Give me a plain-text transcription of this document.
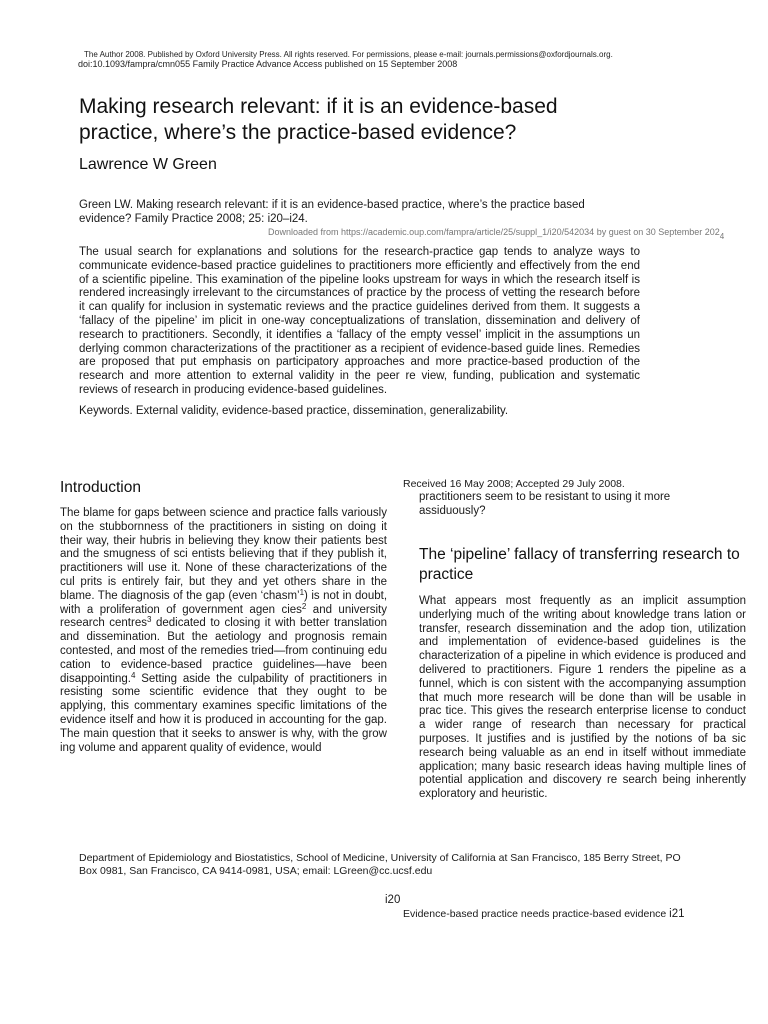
The Author 2008. Published by Oxford University Press. All rights reserved. For permissions, please e-mail: journals.permissions@oxfordjournals.org.
doi:10.1093/fampra/cmn055 Family Practice Advance Access published on 15 September 2008
Making research relevant: if it is an evidence-based practice, where’s the practice-based evidence?
Lawrence W Green
Green LW. Making research relevant: if it is an evidence-based practice, where’s the practice based evidence? Family Practice 2008; 25: i20–i24.
Downloaded from https://academic.oup.com/fampra/article/25/suppl_1/i20/542034 by guest on 30 September $202_4$

The usual search for explanations and solutions for the research-practice gap tends to analyze ways to communicate evidence-based practice guidelines to practitioners more efficiently and effectively from the end of a scientific pipeline. This examination of the pipeline looks upstream for ways in which the research itself is rendered increasingly irrelevant to the circumstances of practice by the process of vetting the research before it can qualify for inclusion in systematic reviews and the practice guidelines derived from them. It suggests a ‘fallacy of the pipeline’ im plicit in one-way conceptualizations of translation, dissemination and delivery of research to practitioners. Secondly, it identifies a ‘fallacy of the empty vessel’ implicit in the assumptions un derlying common characterizations of the practitioner as a recipient of evidence-based guide lines. Remedies are proposed that put emphasis on participatory approaches and more practice-based production of the research and more attention to external validity in the peer re view, funding, publication and systematic reviews of research in producing evidence-based guidelines.

Keywords. External validity, evidence-based practice, dissemination, generalizability.
Introduction

The blame for gaps between science and practice falls variously on the stubbornness of the practitioners in sisting on doing it their way, their hubris in believing they know their patients best and the smugness of sci entists believing that if they publish it, practitioners will use it. None of these characterizations of the cul prits is entirely fair, but they and yet others share in the blame. The diagnosis of the gap (even ‘chasm’$^1$) is not in doubt, with a proliferation of government agen cies$^2$ and university research centres$^3$ dedicated to closing it with better translation and dissemination. But the aetiology and prognosis remain contested, and most of the remedies tried—from continuing edu cation to evidence-based practice guidelines—have been disappointing.$^4$ Setting aside the culpability of practitioners in resisting some scientific evidence that they ought to be applying, this commentary examines specific limitations of the evidence itself and how it is produced in accounting for the gap. The main question that it seeks to answer is why, with the grow ing volume and apparent quality of evidence, would

Received 16 May 2008; Accepted 29 July 2008.

practitioners seem to be resistant to using it more assiduously?

The ‘pipeline’ fallacy of transferring research to practice

What appears most frequently as an implicit assumption underlying much of the writing about knowledge trans lation or transfer, research dissemination and the adop tion, utilization and implementation of evidence-based guidelines is the characterization of a pipeline in which evidence is produced and delivered to practitioners. Figure 1 renders the pipeline as a funnel, which is con sistent with the accompanying assumption that much more research will be done than will be usable in prac tice. This gives the research enterprise license to conduct a wider range of research than necessary for practical purposes. It justifies and is justified by the notions of ba sic research being valuable as an end in itself without immediate application; many basic research ideas having multiple lines of potential application and discovery re search being inherently exploratory and heuristic.

Department of Epidemiology and Biostatistics, School of Medicine, University of California at San Francisco, 185 Berry Street, PO Box 0981, San Francisco, CA 9414-0981, USA; email: LGreen@cc.ucsf.edu

i20
Evidence-based practice needs practice-based evidence i21
